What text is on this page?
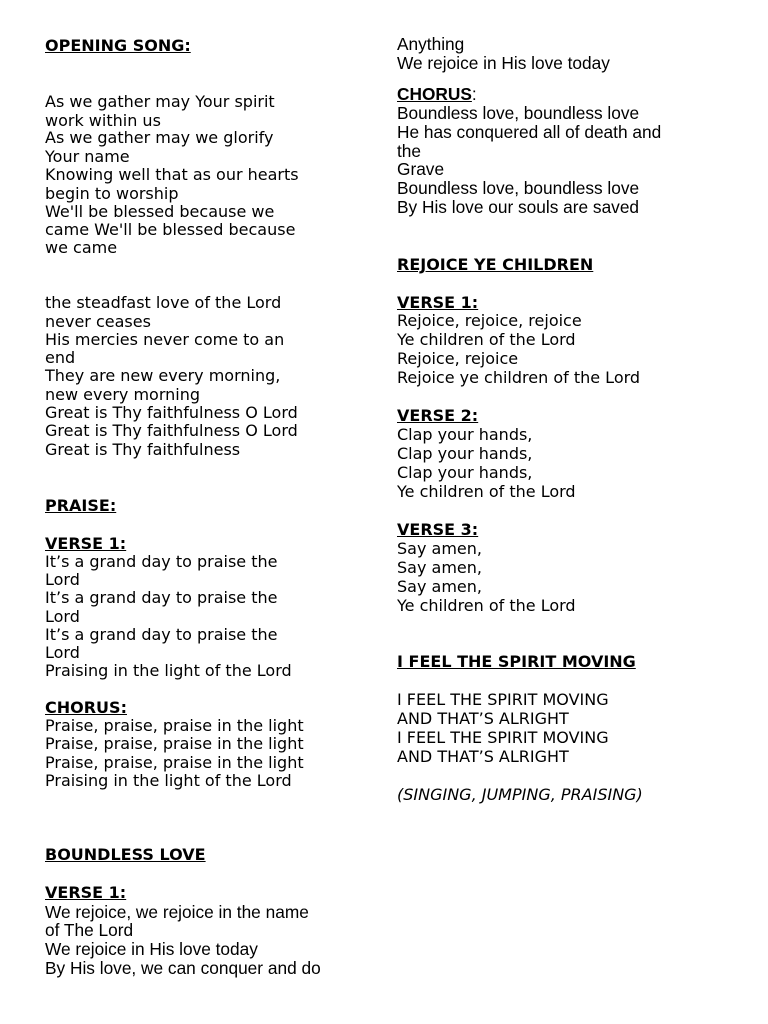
OPENING SONG:
As we gather may Your spirit
work within us
As we gather may we glorify
Your name
Knowing well that as our hearts
begin to worship
We'll be blessed because we
came We'll be blessed because
we came
the steadfast love of the Lord
never ceases
His mercies never come to an
end
They are new every morning,
new every morning
Great is Thy faithfulness O Lord
Great is Thy faithfulness O Lord
Great is Thy faithfulness
PRAISE:
VERSE 1:
It’s a grand day to praise the
Lord
It’s a grand day to praise the
Lord
It’s a grand day to praise the
Lord
Praising in the light of the Lord
CHORUS:
Praise, praise, praise in the light
Praise, praise, praise in the light
Praise, praise, praise in the light
Praising in the light of the Lord
BOUNDLESS LOVE
VERSE 1:
We rejoice, we rejoice in the name
of The Lord
We rejoice in His love today
By His love, we can conquer and do
Anything
We rejoice in His love today
CHORUS:
Boundless love, boundless love
He has conquered all of death and
the
Grave
Boundless love, boundless love
By His love our souls are saved
REJOICE YE CHILDREN
VERSE 1:
Rejoice, rejoice, rejoice
Ye children of the Lord
Rejoice, rejoice
Rejoice ye children of the Lord
VERSE 2:
Clap your hands,
Clap your hands,
Clap your hands,
Ye children of the Lord
VERSE 3:
Say amen,
Say amen,
Say amen,
Ye children of the Lord
I FEEL THE SPIRIT MOVING
I FEEL THE SPIRIT MOVING
AND THAT’S ALRIGHT
I FEEL THE SPIRIT MOVING
AND THAT’S ALRIGHT
(SINGING, JUMPING, PRAISING)
